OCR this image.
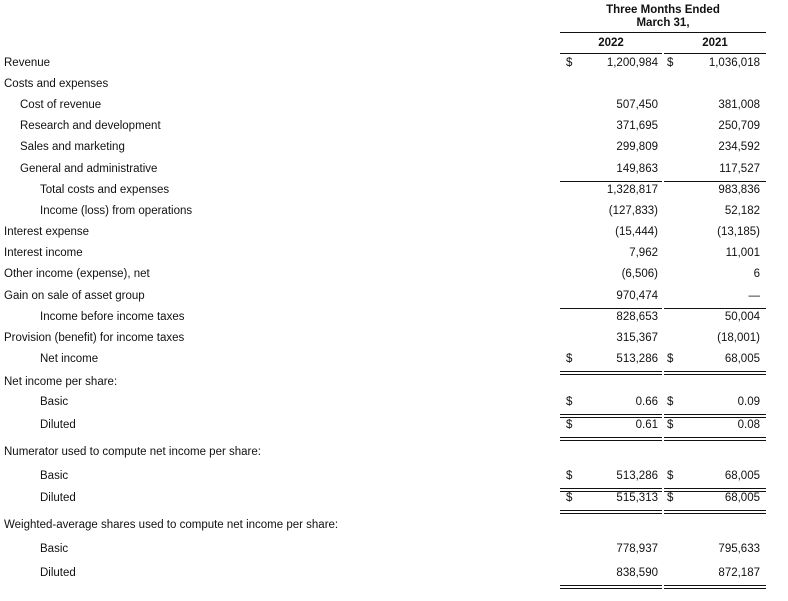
Three Months Ended
March 31,
2022	2021
Revenue	$	1,200,984 $	1,036,018
Costs and expenses
Cost of revenue	507,450	381,008
Research and development	371,695	250,709
Sales and marketing	299,809	234,592
General and administrative	149,863	117,527
Total costs and expenses	1,328,817	983,836
Income (loss) from operations	(127,833)	52,182
Interest expense	(15,444)	(13,185)
Interest income	7,962	11,001
Other income (expense), net	(6,506)	6
Gain on sale of asset group	970,474	—
Income before income taxes	828,653	50,004
Provision (benefit) for income taxes	315,367	(18,001)
Net income	$	513,286 $	68,005
Net income per share:
Basic	$	0.66 $	0.09
Diluted	$	0.61 $	0.08
Numerator used to compute net income per share:
Basic	$	513,286 $	68,005
Diluted	$	515,313 $	68,005
Weighted-average shares used to compute net income per share:
Basic	778,937	795,633
Diluted	838,590	872,187
